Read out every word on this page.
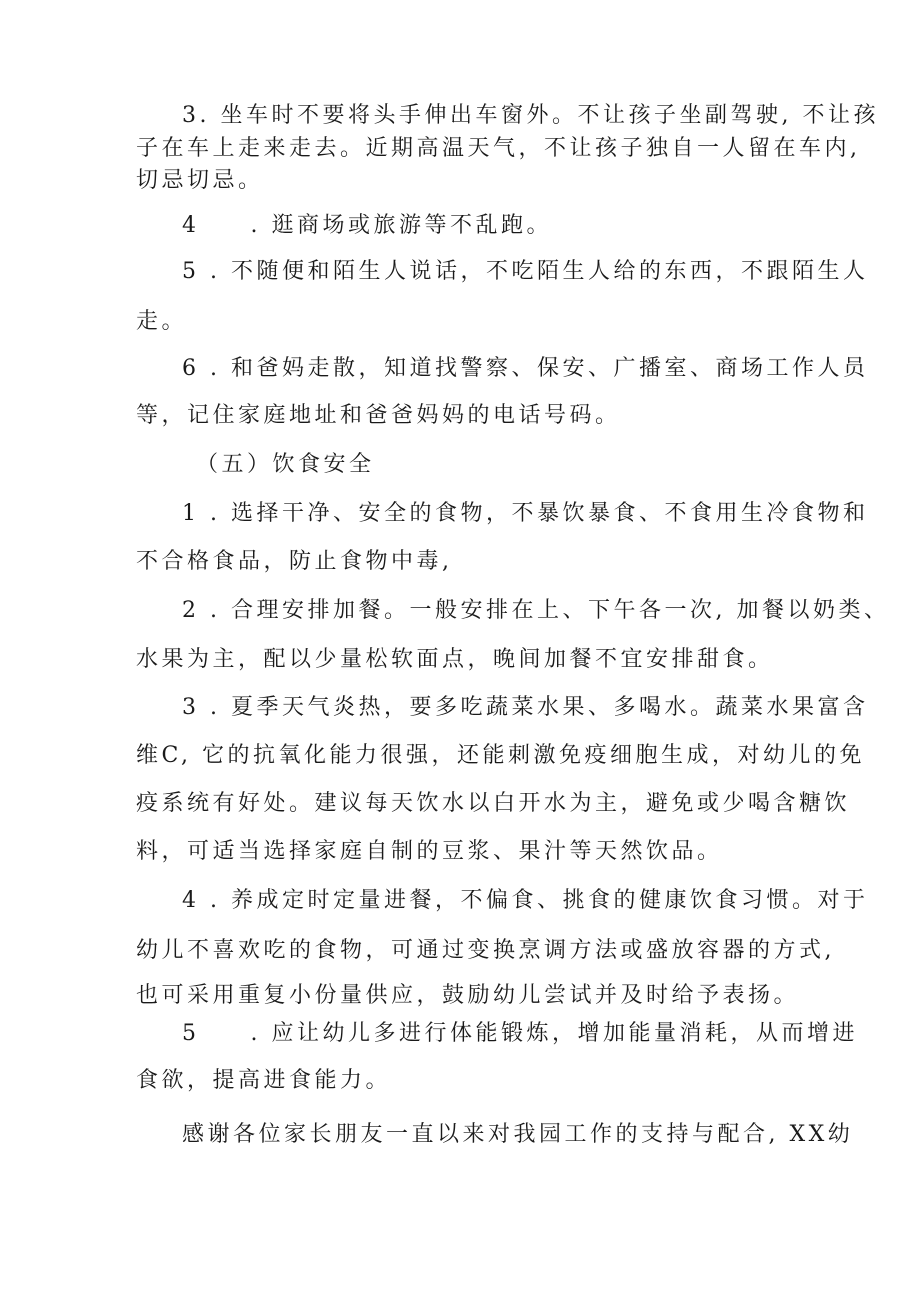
3. 坐车时不要将头手伸出车窗外。不让孩子坐副驾驶, 不让孩
子在车上走来走去。近期高温天气，不让孩子独自一人留在车内,
切忌切忌。
4　　. 逛商场或旅游等不乱跑。
5 . 不随便和陌生人说话，不吃陌生人给的东西，不跟陌生人
走。
6 . 和爸妈走散，知道找警察、保安、广播室、商场工作人员
等，记住家庭地址和爸爸妈妈的电话号码。
（五）饮食安全
1 . 选择干净、安全的食物，不暴饮暴食、不食用生冷食物和
不合格食品，防止食物中毒,
2 . 合理安排加餐。一般安排在上、下午各一次, 加餐以奶类、
水果为主，配以少量松软面点，晚间加餐不宜安排甜食。
3 . 夏季天气炎热，要多吃蔬菜水果、多喝水。蔬菜水果富含
维C, 它的抗氧化能力很强，还能刺激免疫细胞生成，对幼儿的免
疫系统有好处。建议每天饮水以白开水为主，避免或少喝含糖饮
料，可适当选择家庭自制的豆浆、果汁等天然饮品。
4 . 养成定时定量进餐，不偏食、挑食的健康饮食习惯。对于
幼儿不喜欢吃的食物，可通过变换烹调方法或盛放容器的方式,
也可采用重复小份量供应，鼓励幼儿尝试并及时给予表扬。
5　　. 应让幼儿多进行体能锻炼，增加能量消耗，从而增进
食欲，提高进食能力。
感谢各位家长朋友一直以来对我园工作的支持与配合, XX幼
